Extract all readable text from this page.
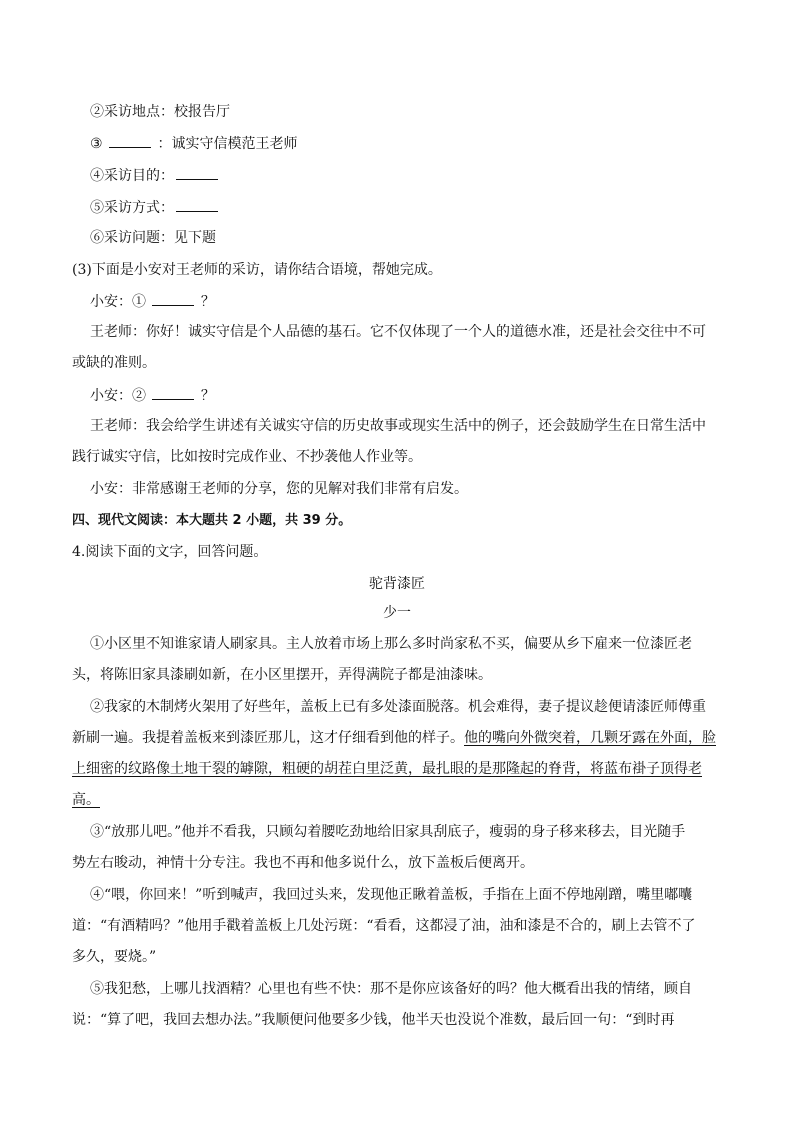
②采访地点：校报告厅
③	：诚实守信模范王老师
④采访目的：
⑤采访方式：
⑥采访问题：见下题
(3)下面是小安对王老师的采访，请你结合语境，帮她完成。
小安：①	？
王老师：你好！诚实守信是个人品德的基石。它不仅体现了一个人的道德水准，还是社会交往中不可
或缺的准则。
小安：②	？
王老师：我会给学生讲述有关诚实守信的历史故事或现实生活中的例子，还会鼓励学生在日常生活中
践行诚实守信，比如按时完成作业、不抄袭他人作业等。
小安：非常感谢王老师的分享，您的见解对我们非常有启发。
四、现代文阅读：本大题共 2 小题，共 39 分。
4.阅读下面的文字，回答问题。
驼背漆匠
少一
①小区里不知谁家请人刷家具。主人放着市场上那么多时尚家私不买，偏要从乡下雇来一位漆匠老
头，将陈旧家具漆刷如新，在小区里摆开，弄得满院子都是油漆味。
②我家的木制烤火架用了好些年，盖板上已有多处漆面脱落。机会难得，妻子提议趁便请漆匠师傅重
新刷一遍。我提着盖板来到漆匠那儿，这才仔细看到他的样子。他的嘴向外微突着，几颗牙露在外面，脸
上细密的纹路像土地干裂的罅隙，粗硬的胡茬白里泛黄，最扎眼的是那隆起的脊背，将蓝布褂子顶得老
高。
③“放那儿吧。”他并不看我，只顾勾着腰吃劲地给旧家具刮底子，瘦弱的身子移来移去，目光随手
势左右睃动，神情十分专注。我也不再和他多说什么，放下盖板后便离开。
④“喂，你回来！”听到喊声，我回过头来，发现他正瞅着盖板，手指在上面不停地剐蹭，嘴里嘟囔
道：“有酒精吗？”他用手戳着盖板上几处污斑：“看看，这都浸了油，油和漆是不合的，刷上去管不了
多久，要烧。”
⑤我犯愁，上哪儿找酒精？心里也有些不快：那不是你应该备好的吗？他大概看出我的情绪，顾自
说：“算了吧，我回去想办法。”我顺便问他要多少钱，他半天也没说个准数，最后回一句：“到时再
